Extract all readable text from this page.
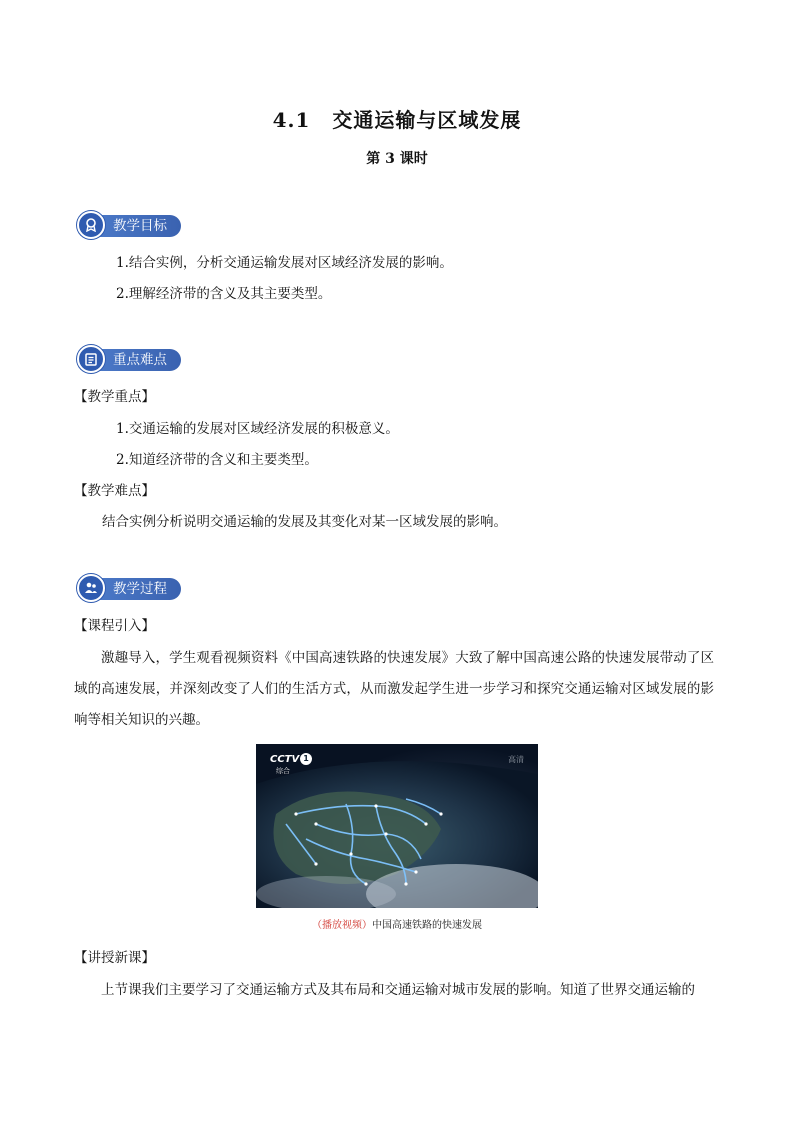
4.1 交通运输与区域发展
第 3 课时
教学目标
1.结合实例，分析交通运输发展对区域经济发展的影响。
2.理解经济带的含义及其主要类型。
重点难点
【教学重点】
1.交通运输的发展对区域经济发展的积极意义。
2.知道经济带的含义和主要类型。
【教学难点】
结合实例分析说明交通运输的发展及其变化对某一区域发展的影响。
教学过程
【课程引入】
激趣导入，学生观看视频资料《中国高速铁路的快速发展》大致了解中国高速公路的快速发展带动了区域的高速发展，并深刻改变了人们的生活方式，从而激发起学生进一步学习和探究交通运输对区域发展的影响等相关知识的兴趣。
CCTV 1
综合
高清
（播放视频）中国高速铁路的快速发展
【讲授新课】
上节课我们主要学习了交通运输方式及其布局和交通运输对城市发展的影响。知道了世界交通运输的
